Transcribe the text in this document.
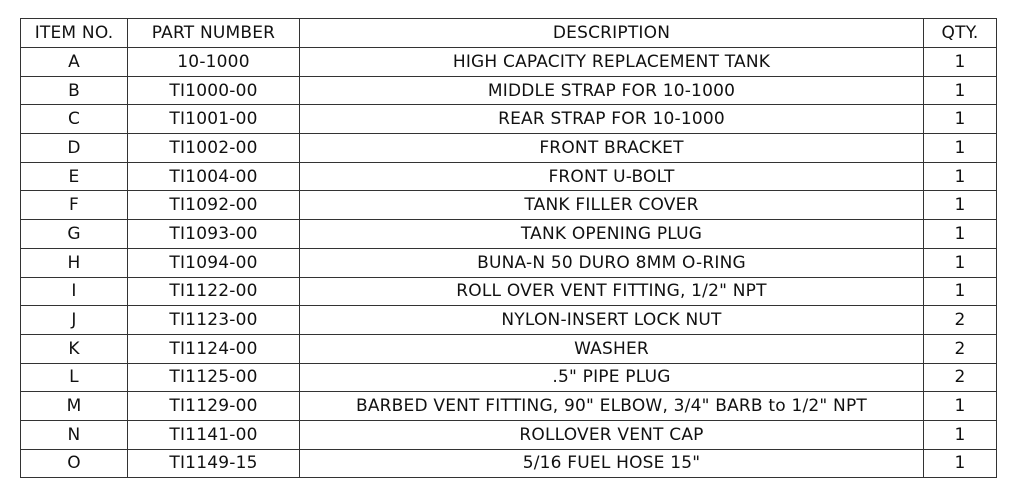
ITEM NO.	PART NUMBER	DESCRIPTION	QTY.
A	10-1000	HIGH CAPACITY REPLACEMENT TANK	1
B	TI1000-00	MIDDLE STRAP FOR 10-1000	1
C	TI1001-00	REAR STRAP FOR 10-1000	1
D	TI1002-00	FRONT BRACKET	1
E	TI1004-00	FRONT U-BOLT	1
F	TI1092-00	TANK FILLER COVER	1
G	TI1093-00	TANK OPENING PLUG	1
H	TI1094-00	BUNA-N 50 DURO 8MM O-RING	1
I	TI1122-00	ROLL OVER VENT FITTING, 1/2" NPT	1
J	TI1123-00	NYLON-INSERT LOCK NUT	2
K	TI1124-00	WASHER	2
L	TI1125-00	.5" PIPE PLUG	2
M	TI1129-00	BARBED VENT FITTING, 90" ELBOW, 3/4" BARB to 1/2" NPT	1
N	TI1141-00	ROLLOVER VENT CAP	1
O	TI1149-15	5/16 FUEL HOSE 15"	1
